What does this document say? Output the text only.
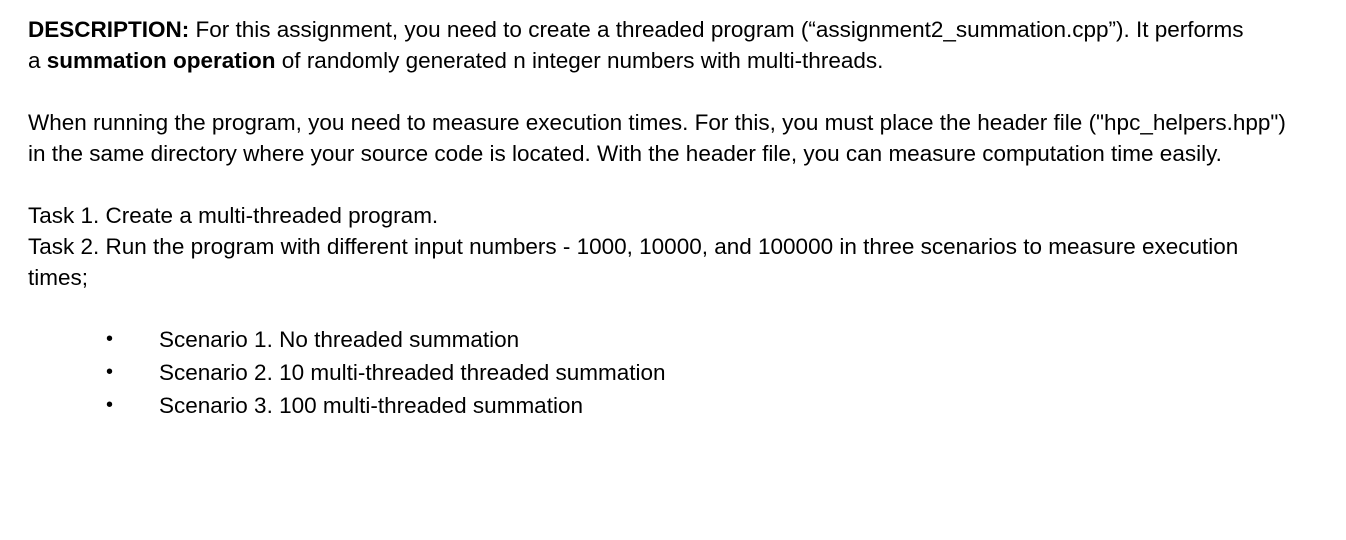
DESCRIPTION: For this assignment, you need to create a threaded program (“assignment2_summation.cpp”). It performs a summation operation of randomly generated n integer numbers with multi-threads.

When running the program, you need to measure execution times. For this, you must place the header file ("hpc_helpers.hpp") in the same directory where your source code is located. With the header file, you can measure computation time easily.

Task 1. Create a multi-threaded program.

Task 2. Run the program with different input numbers - 1000, 10000, and 100000 in three scenarios to measure execution times;

• Scenario 1. No threaded summation
• Scenario 2. 10 multi-threaded threaded summation
• Scenario 3. 100 multi-threaded summation
